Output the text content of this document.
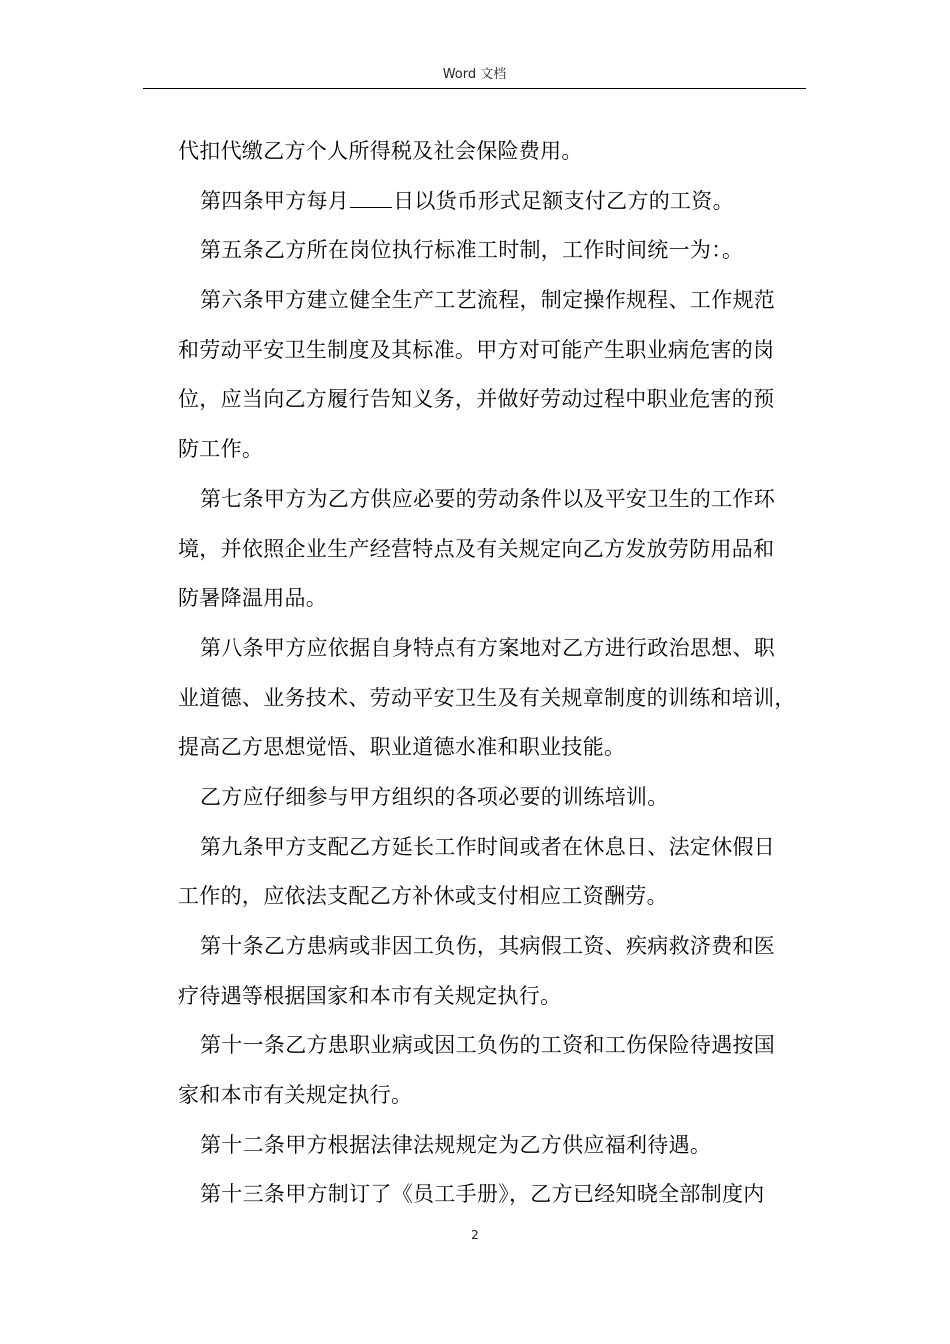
Word 文档
代扣代缴乙方个人所得税及社会保险费用。
第四条甲方每月 日以货币形式足额支付乙方的工资。
第五条乙方所在岗位执行标准工时制，工作时间统一为：。
第六条甲方建立健全生产工艺流程，制定操作规程、工作规范
和劳动平安卫生制度及其标准。甲方对可能产生职业病危害的岗
位，应当向乙方履行告知义务，并做好劳动过程中职业危害的预
防工作。
第七条甲方为乙方供应必要的劳动条件以及平安卫生的工作环
境，并依照企业生产经营特点及有关规定向乙方发放劳防用品和
防暑降温用品。
第八条甲方应依据自身特点有方案地对乙方进行政治思想、职
业道德、业务技术、劳动平安卫生及有关规章制度的训练和培训，
提高乙方思想觉悟、职业道德水准和职业技能。
乙方应仔细参与甲方组织的各项必要的训练培训。
第九条甲方支配乙方延长工作时间或者在休息日、法定休假日
工作的，应依法支配乙方补休或支付相应工资酬劳。
第十条乙方患病或非因工负伤，其病假工资、疾病救济费和医
疗待遇等根据国家和本市有关规定执行。
第十一条乙方患职业病或因工负伤的工资和工伤保险待遇按国
家和本市有关规定执行。
第十二条甲方根据法律法规规定为乙方供应福利待遇。
第十三条甲方制订了《员工手册》，乙方已经知晓全部制度内
2
